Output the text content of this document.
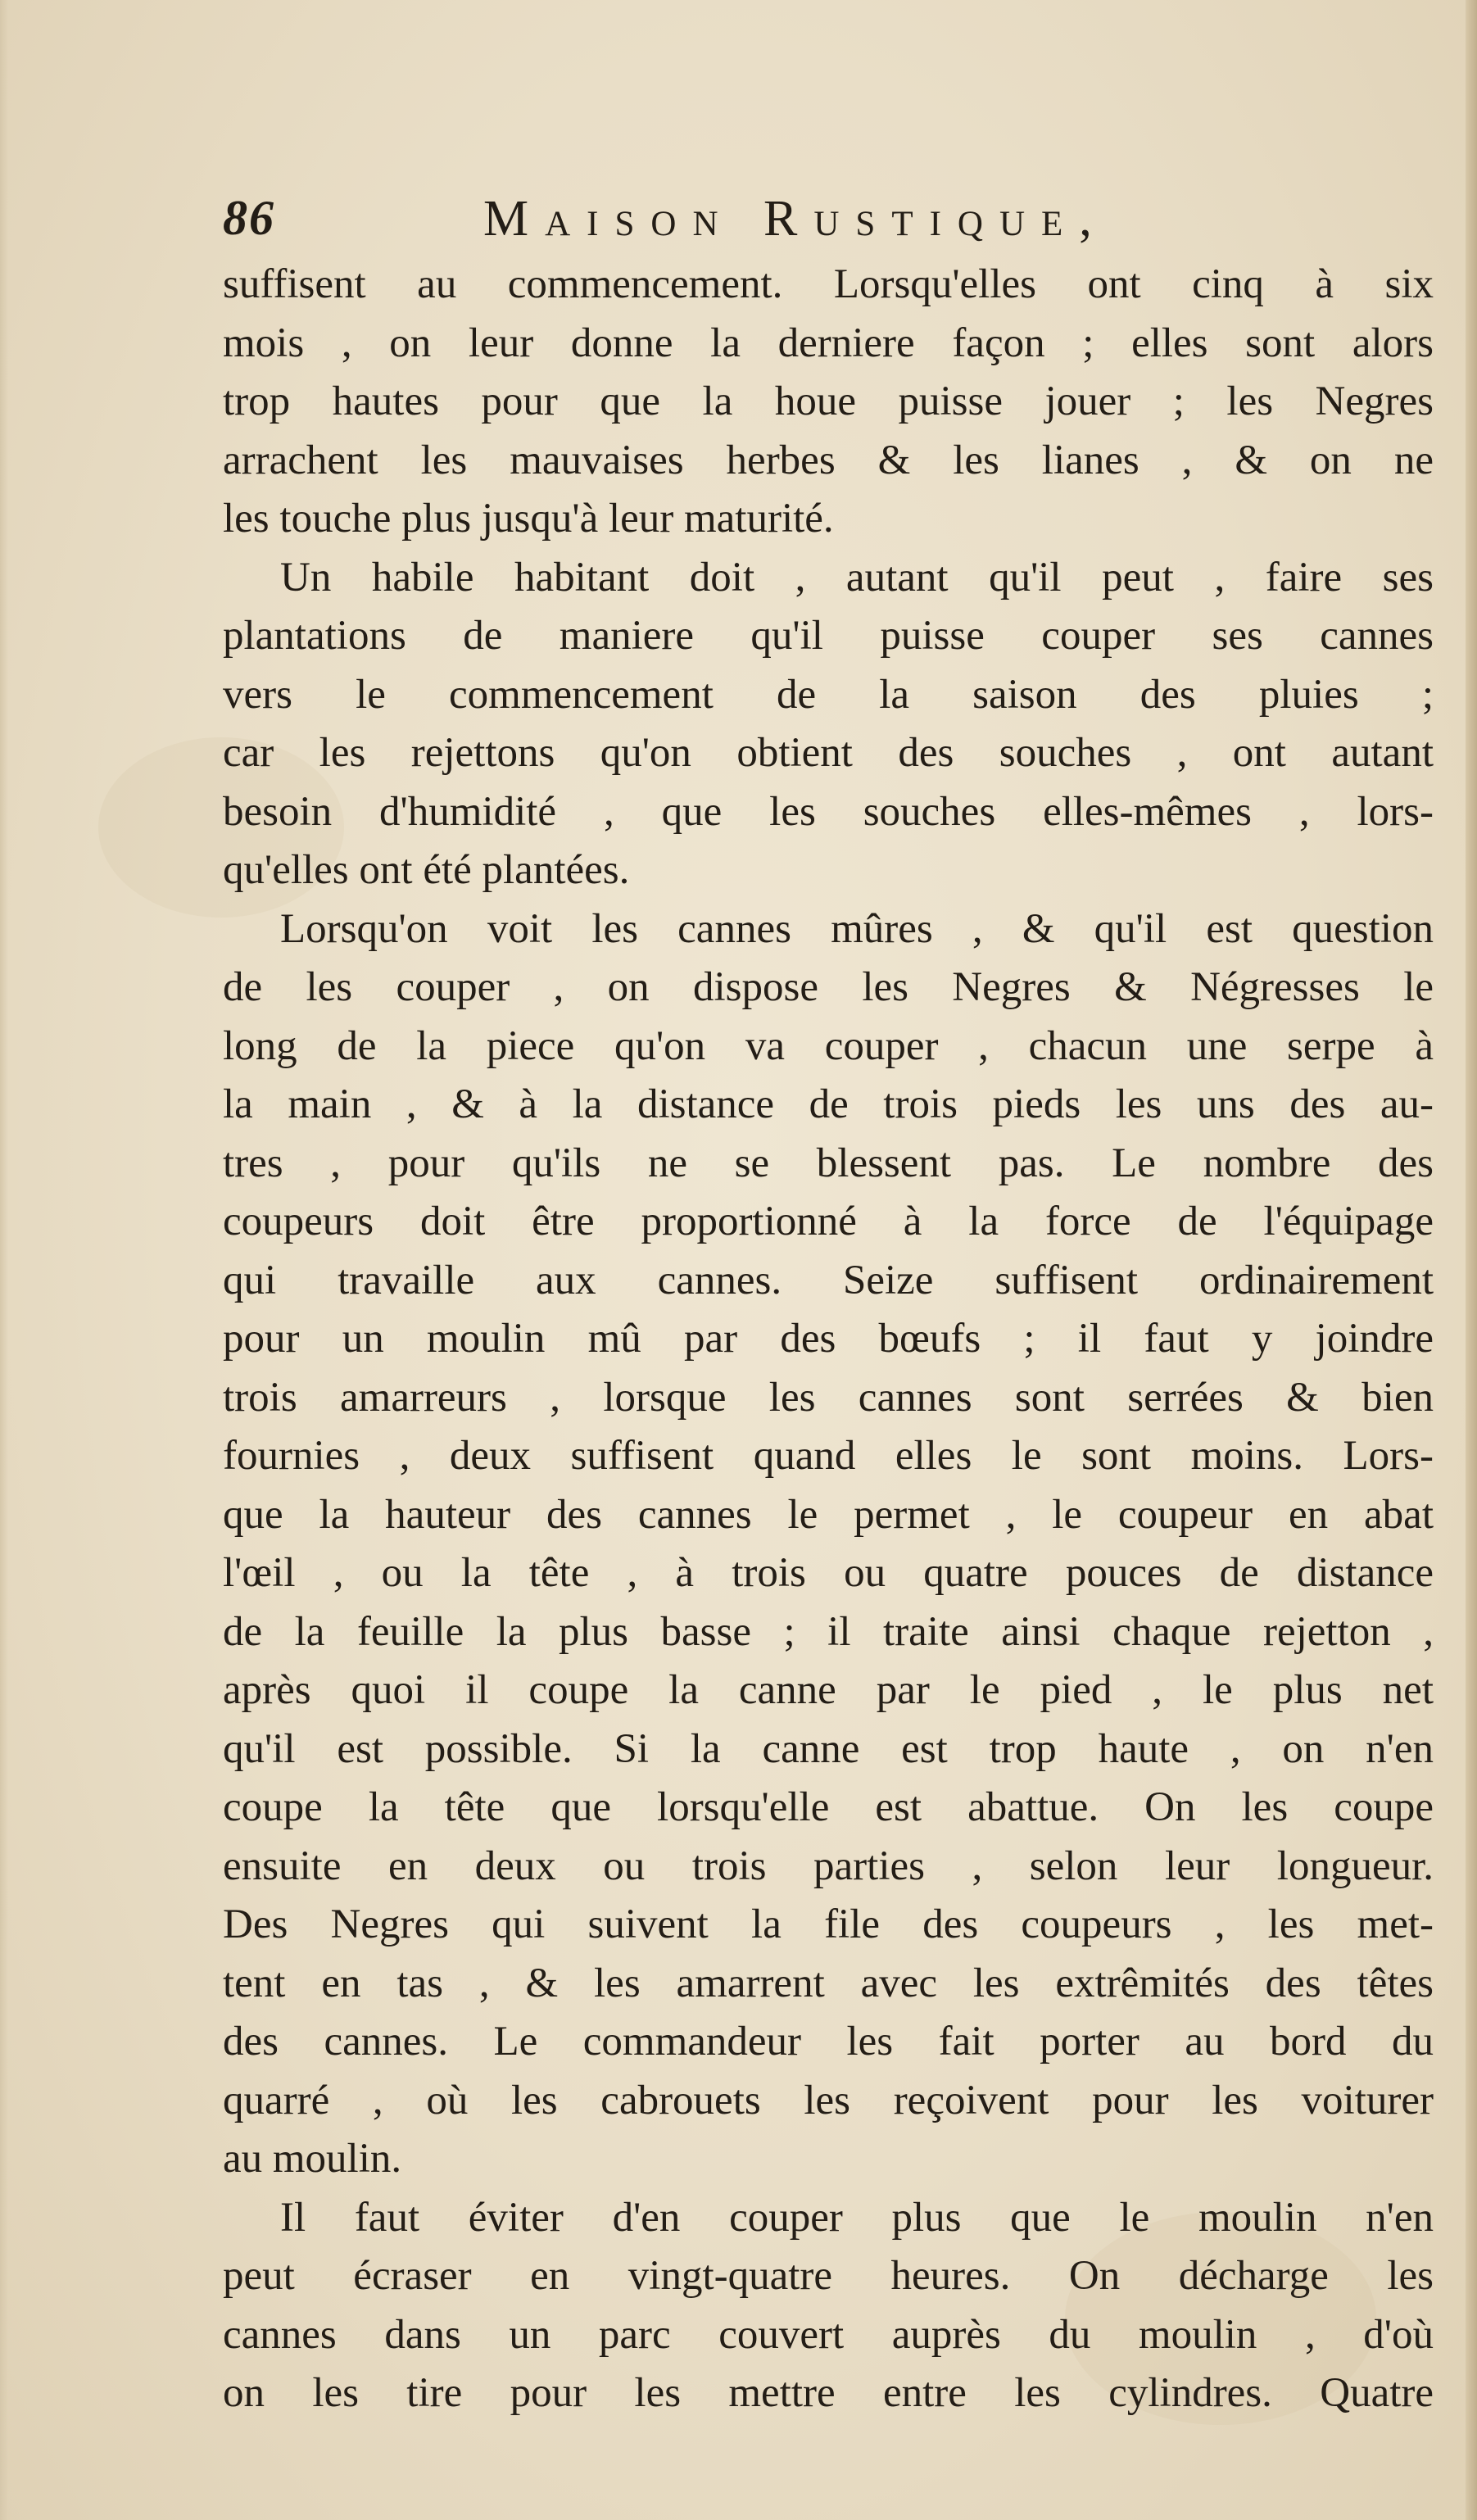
86	Maison Rustique,
suffisent au commencement. Lorsqu'elles ont cinq à six
mois , on leur donne la derniere façon ; elles sont alors
trop hautes pour que la houe puisse jouer ; les Negres
arrachent les mauvaises herbes & les lianes , & on ne
les touche plus jusqu'à leur maturité.
Un habile habitant doit , autant qu'il peut , faire ses
plantations de maniere qu'il puisse couper ses cannes
vers le commencement de la saison des pluies ;
car les rejettons qu'on obtient des souches , ont autant
besoin d'humidité , que les souches elles-mêmes , lors-
qu'elles ont été plantées.
Lorsqu'on voit les cannes mûres , & qu'il est question
de les couper , on dispose les Negres & Négresses le
long de la piece qu'on va couper , chacun une serpe à
la main , & à la distance de trois pieds les uns des au-
tres , pour qu'ils ne se blessent pas. Le nombre des
coupeurs doit être proportionné à la force de l'équipage
qui travaille aux cannes. Seize suffisent ordinairement
pour un moulin mû par des bœufs ; il faut y joindre
trois amarreurs , lorsque les cannes sont serrées & bien
fournies , deux suffisent quand elles le sont moins. Lors-
que la hauteur des cannes le permet , le coupeur en abat
l'œil , ou la tête , à trois ou quatre pouces de distance
de la feuille la plus basse ; il traite ainsi chaque rejetton ,
après quoi il coupe la canne par le pied , le plus net
qu'il est possible. Si la canne est trop haute , on n'en
coupe la tête que lorsqu'elle est abattue. On les coupe
ensuite en deux ou trois parties , selon leur longueur.
Des Negres qui suivent la file des coupeurs , les met-
tent en tas , & les amarrent avec les extrêmités des têtes
des cannes. Le commandeur les fait porter au bord du
quarré , où les cabrouets les reçoivent pour les voiturer
au moulin.
Il faut éviter d'en couper plus que le moulin n'en
peut écraser en vingt-quatre heures. On décharge les
cannes dans un parc couvert auprès du moulin , d'où
on les tire pour les mettre entre les cylindres. Quatre
